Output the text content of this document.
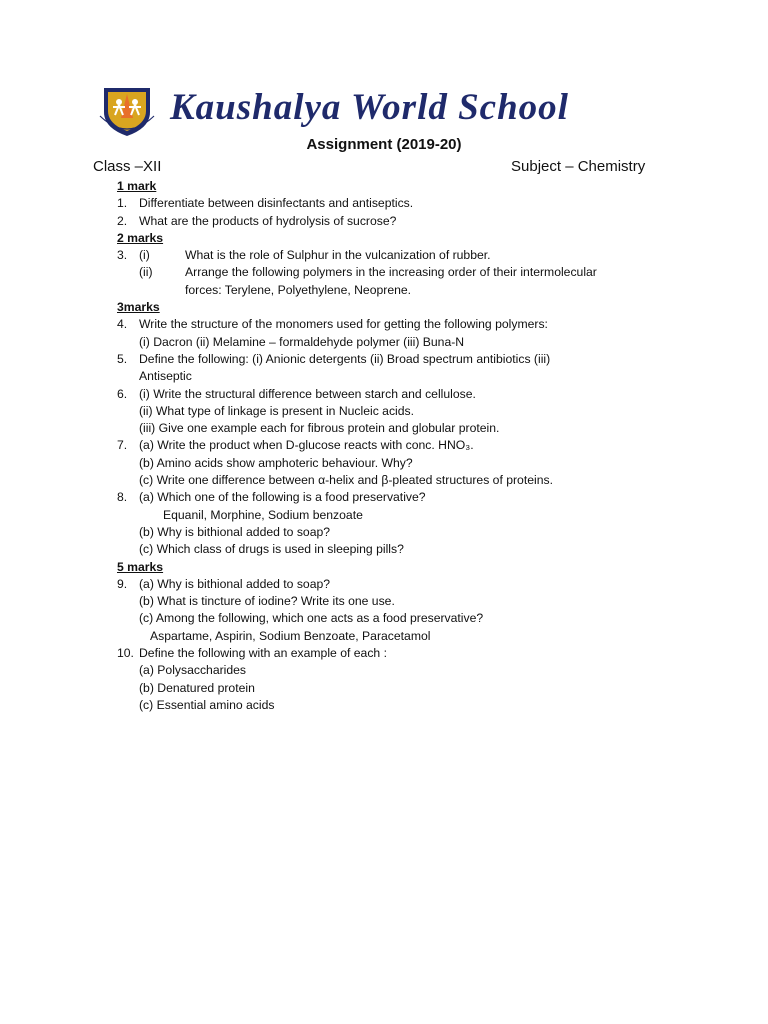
Kaushalya World School
Assignment (2019-20)
Class –XII	Subject – Chemistry
1 mark
1. Differentiate between disinfectants and antiseptics.
2. What are the products of hydrolysis of sucrose?
2 marks
3. (i)	What is the role of Sulphur in the vulcanization of rubber.
(ii)	Arrange the following polymers in the increasing order of their intermolecular
forces: Terylene, Polyethylene, Neoprene.
3marks
4. Write the structure of the monomers used for getting the following polymers:
(i) Dacron (ii) Melamine – formaldehyde polymer (iii) Buna-N
5. Define the following: (i) Anionic detergents (ii) Broad spectrum antibiotics (iii)
Antiseptic
6. (i) Write the structural difference between starch and cellulose.
(ii) What type of linkage is present in Nucleic acids.
(iii) Give one example each for fibrous protein and globular protein.
7. (a) Write the product when D-glucose reacts with conc. HNO₃.
(b) Amino acids show amphoteric behaviour. Why?
(c) Write one difference between α-helix and β-pleated structures of proteins.
8. (a) Which one of the following is a food preservative?
Equanil, Morphine, Sodium benzoate
(b) Why is bithional added to soap?
(c) Which class of drugs is used in sleeping pills?
5 marks
9. (a) Why is bithional added to soap?
(b) What is tincture of iodine? Write its one use.
(c) Among the following, which one acts as a food preservative?
Aspartame, Aspirin, Sodium Benzoate, Paracetamol
10. Define the following with an example of each :
(a) Polysaccharides
(b) Denatured protein
(c) Essential amino acids
